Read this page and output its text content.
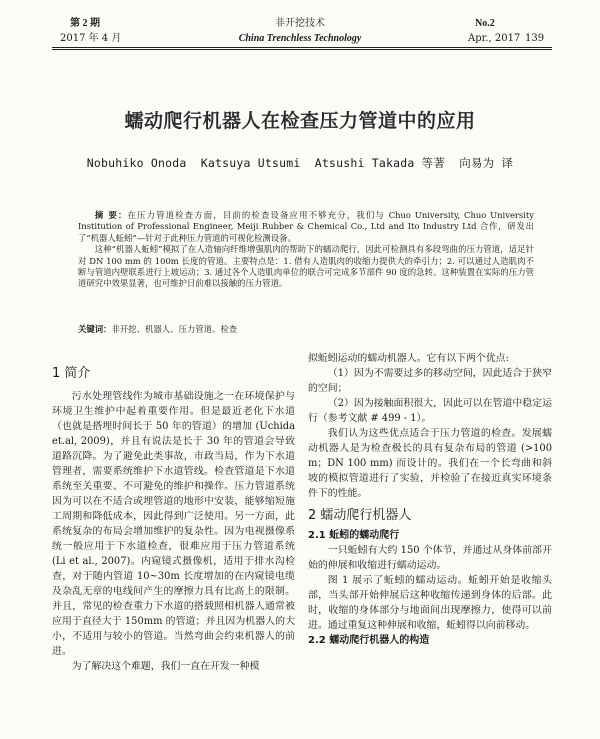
第 2 期
2017 年 4 月
非开挖技术
China Trenchless Technology
No.2
Apr., 2017 139
蠕动爬行机器人在检查压力管道中的应用
Nobuhiko Onoda  Katsuya Utsumi  Atsushi Takada 等著  向易为 译

摘 要：在压力管道检查方面，目前的检查设备应用不够充分，我们与 Chuo University, Chuo University Institution of Professional Engineer, Meiji Rubber & Chemical Co., Ltd and Ito Industry Ltd 合作，研发出了“机器人蚯蚓”—针对于此种压力管道的可视化检测设备。

这种“机器人蚯蚓”模拟了在人造轴向纤维增强肌肉的帮助下的蠕动爬行，因此可检测具有多段弯曲的压力管道，适足针对 DN 100 mm 的 100m 长度的管道。主要特点是：1. 借有人造肌肉的收缩力提供大的牵引力；2. 可以通过人造肌肉不断与管道内壁联系进行上坡运动；3. 通过各个人造肌肉单位的联合可完成多节部件 90 度的急转。这种装置在实际的压力管道研究中效果显著，也可维护日前难以接触的压力管道。

关键词：非开挖、机器人、压力管道、检查
1 简介

污水处理管线作为城市基础设施之一在环境保护与环境卫生维护中起着重要作用。但是最近老化下水道（也就是搭埋时间长于 50 年的管道）的增加 (Uchida et.al, 2009)，并且有说法是长于 30 年的管道会导致道路沉降。为了避免此类事故，市政当局，作为下水道管理者，需要系统维护下水道管线。检查管道是下水道系统至关重要、不可避免的维护和操作。压力管道系统因为可以在不适合或埋管道的地形中安装，能够缩短施工周期和降低成本，因此得到广泛使用。另一方面，此系统复杂的布局会增加维护的复杂性。因为电视摄像系统一般应用于下水道检查，很难应用于压力管道系统 (Li et al., 2007)。内窥镜式摄像机，适用于排水沟检查，对于随内管道 10~30m 长度增加的在内窥镜电缆及杂乱无章的电线间产生的摩擦力具有比高上的限制。并且，常见的检查重力下水道的搭载照相机器人通常被应用于直径大于 150mm 的管道；并且因为机器人的大小，不适用与较小的管道。当然弯曲会约束机器人的前进。

为了解决这个难题，我们一直在开发一种模

拟蚯蚓运动的蠕动机器人。它有以下两个优点:

（1）因为不需要过多的移动空间，因此适合于狭窄的空间；

（2）因为接触面积很大，因此可以在管道中稳定运行（参考文献 # 499 - 1）。

我们认为这些优点适合于压力管道的检查。发展蠕动机器人是为检查极长的具有复杂布局的管道 (>100 m；DN 100 mm) 而设计的。我们在一个长弯曲和斜坡的模拟管道进行了实验，并检验了在接近真实环境条件下的性能。

2 蠕动爬行机器人
2.1 蚯蚓的蠕动爬行

一只蚯蚓有大约 150 个体节，并通过从身体前部开始的伸展和收缩进行蠕动运动。

图 1 展示了蚯蚓的蠕动运动。蚯蚓开始是收缩头部，当头部开始伸展后这种收缩传递到身体的后部。此时，收缩的身体部分与地面间出现摩擦力，使得可以前进。通过重复这种伸展和收缩，蚯蚓得以向前移动。

2.2 蠕动爬行机器人的构造
